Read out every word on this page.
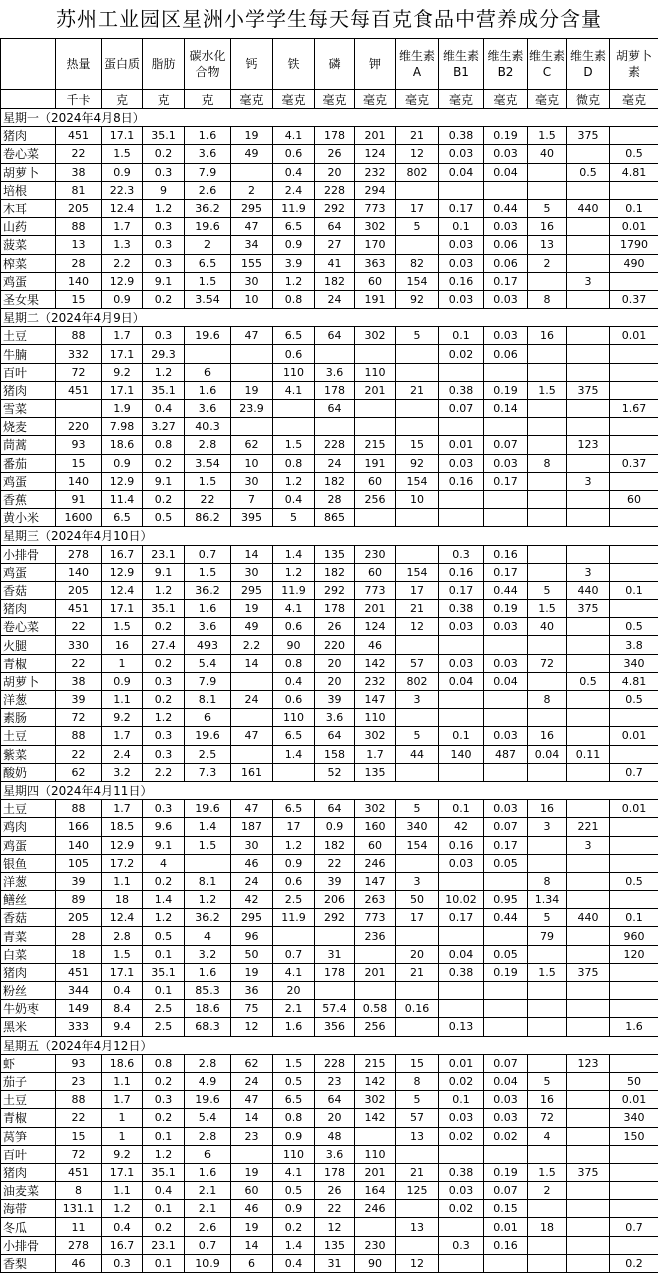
苏州工业园区星洲小学学生每天每百克食品中营养成分含量
	热量	蛋白质	脂肪	碳水化合物	钙	铁	磷	钾	维生素A	维生素B1	维生素B2	维生素C	维生素D	胡萝卜素
	千卡	克	克	克	毫克	毫克	毫克	毫克	毫克	毫克	毫克	毫克	微克	毫克
星期一（2024年4月8日）														
猪肉	451	17.1	35.1	1.6	19	4.1	178	201	21	0.38	0.19	1.5	375	
卷心菜	22	1.5	0.2	3.6	49	0.6	26	124	12	0.03	0.03	40		0.5
胡萝卜	38	0.9	0.3	7.9		0.4	20	232	802	0.04	0.04		0.5	4.81
培根	81	22.3	9	2.6	2	2.4	228	294						
木耳	205	12.4	1.2	36.2	295	11.9	292	773	17	0.17	0.44	5	440	0.1
山药	88	1.7	0.3	19.6	47	6.5	64	302	5	0.1	0.03	16		0.01
菠菜	13	1.3	0.3	2	34	0.9	27	170		0.03	0.06	13		1790
榨菜	28	2.2	0.3	6.5	155	3.9	41	363	82	0.03	0.06	2		490
鸡蛋	140	12.9	9.1	1.5	30	1.2	182	60	154	0.16	0.17		3	
圣女果	15	0.9	0.2	3.54	10	0.8	24	191	92	0.03	0.03	8		0.37
星期二（2024年4月9日）														
土豆	88	1.7	0.3	19.6	47	6.5	64	302	5	0.1	0.03	16		0.01
牛腩	332	17.1	29.3			0.6				0.02	0.06			
百叶	72	9.2	1.2	6		110	3.6	110						
猪肉	451	17.1	35.1	1.6	19	4.1	178	201	21	0.38	0.19	1.5	375	
雪菜		1.9	0.4	3.6	23.9		64			0.07	0.14			1.67
烧麦	220	7.98	3.27	40.3										
茼蒿	93	18.6	0.8	2.8	62	1.5	228	215	15	0.01	0.07		123	
番茄	15	0.9	0.2	3.54	10	0.8	24	191	92	0.03	0.03	8		0.37
鸡蛋	140	12.9	9.1	1.5	30	1.2	182	60	154	0.16	0.17		3	
香蕉	91	11.4	0.2	22	7	0.4	28	256	10					60
黄小米	1600	6.5	0.5	86.2	395	5	865							
星期三（2024年4月10日）														
小排骨	278	16.7	23.1	0.7	14	1.4	135	230		0.3	0.16			
鸡蛋	140	12.9	9.1	1.5	30	1.2	182	60	154	0.16	0.17		3	
香菇	205	12.4	1.2	36.2	295	11.9	292	773	17	0.17	0.44	5	440	0.1
猪肉	451	17.1	35.1	1.6	19	4.1	178	201	21	0.38	0.19	1.5	375	
卷心菜	22	1.5	0.2	3.6	49	0.6	26	124	12	0.03	0.03	40		0.5
火腿	330	16	27.4	493	2.2	90	220	46						3.8
青椒	22	1	0.2	5.4	14	0.8	20	142	57	0.03	0.03	72		340
胡萝卜	38	0.9	0.3	7.9		0.4	20	232	802	0.04	0.04		0.5	4.81
洋葱	39	1.1	0.2	8.1	24	0.6	39	147	3			8		0.5
素肠	72	9.2	1.2	6		110	3.6	110						
土豆	88	1.7	0.3	19.6	47	6.5	64	302	5	0.1	0.03	16		0.01
紫菜	22	2.4	0.3	2.5		1.4	158	1.7	44	140	487	0.04	0.11	
酸奶	62	3.2	2.2	7.3	161		52	135						0.7
星期四（2024年4月11日）														
土豆	88	1.7	0.3	19.6	47	6.5	64	302	5	0.1	0.03	16		0.01
鸡肉	166	18.5	9.6	1.4	187	17	0.9	160	340	42	0.07	3	221	
鸡蛋	140	12.9	9.1	1.5	30	1.2	182	60	154	0.16	0.17		3	
银鱼	105	17.2	4		46	0.9	22	246		0.03	0.05			
洋葱	39	1.1	0.2	8.1	24	0.6	39	147	3			8		0.5
鳝丝	89	18	1.4	1.2	42	2.5	206	263	50	10.02	0.95	1.34		
香菇	205	12.4	1.2	36.2	295	11.9	292	773	17	0.17	0.44	5	440	0.1
青菜	28	2.8	0.5	4	96			236				79		960
白菜	18	1.5	0.1	3.2	50	0.7	31		20	0.04	0.05			120
猪肉	451	17.1	35.1	1.6	19	4.1	178	201	21	0.38	0.19	1.5	375	
粉丝	344	0.4	0.1	85.3	36	20								
牛奶枣	149	8.4	2.5	18.6	75	2.1	57.4	0.58	0.16					
黑米	333	9.4	2.5	68.3	12	1.6	356	256		0.13				1.6
星期五（2024年4月12日）														
虾	93	18.6	0.8	2.8	62	1.5	228	215	15	0.01	0.07		123	
茄子	23	1.1	0.2	4.9	24	0.5	23	142	8	0.02	0.04	5		50
土豆	88	1.7	0.3	19.6	47	6.5	64	302	5	0.1	0.03	16		0.01
青椒	22	1	0.2	5.4	14	0.8	20	142	57	0.03	0.03	72		340
莴笋	15	1	0.1	2.8	23	0.9	48		13	0.02	0.02	4		150
百叶	72	9.2	1.2	6		110	3.6	110						
猪肉	451	17.1	35.1	1.6	19	4.1	178	201	21	0.38	0.19	1.5	375	
油麦菜	8	1.1	0.4	2.1	60	0.5	26	164	125	0.03	0.07	2		
海带	131.1	1.2	0.1	2.1	46	0.9	22	246		0.02	0.15			
冬瓜	11	0.4	0.2	2.6	19	0.2	12		13		0.01	18		0.7
小排骨	278	16.7	23.1	0.7	14	1.4	135	230		0.3	0.16			
香梨	46	0.3	0.1	10.9	6	0.4	31	90	12					0.2
